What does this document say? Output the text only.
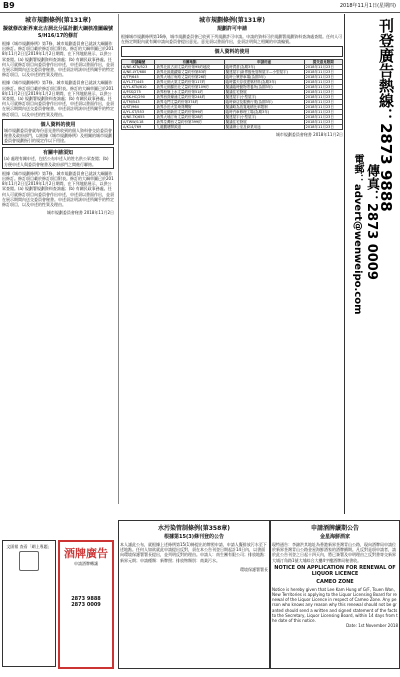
B9	2018年11月1日(星期四)
城市規劃條例(第131章)
擬就修改新界東北古洞北分區計劃大綱核准圖編號S/H16/17的修訂

根據《城市規劃條例》第7條，城市規劃委員會已就該大綱圖作出修訂。修訂項目載於修訂項目附表。修訂的大綱草圖已於2018年11月2日至2019年1月2日期間，在下列地點展示，以供公眾查閱。(a) 規劃署規劃資料查詢處；(b) 有關民政事務處。任何人可就修訂項目向委員會作出申述，申述須以書面作出，並須在展示期間內送交委員會秘書。申述須註明該申述所關乎的特定修訂項目，以及申述的性質及理由。

根據《城市規劃條例》第7條，城市規劃委員會已就該大綱圖作出修訂。修訂項目載於修訂項目附表。修訂的大綱草圖已於2018年11月2日至2019年1月2日期間，在下列地點展示，以供公眾查閱。(a) 規劃署規劃資料查詢處；(b) 有關民政事務處。任何人可就修訂項目向委員會作出申述，申述須以書面作出，並須在展示期間內送交委員會秘書。申述須註明該申述所關乎的特定修訂項目，以及申述的性質及理由。

個人資料的使用

城市規劃委員會就每份意見書所收到的個人資料會交給委員會秘書及政府部門，以根據《城市規劃條例》及相關的城市規劃委員會規劃指引的規定作以下用途。

有關申請須知

(a) 處理有關申述，包括公布申述人的姓名供公眾查閱；(b) 方便申述人與委員會秘書及政府部門之間進行聯絡。

根據《城市規劃條例》第7條，城市規劃委員會已就該大綱圖作出修訂。修訂項目載於修訂項目附表。修訂的大綱草圖已於2018年11月2日至2019年1月2日期間，在下列地點展示，以供公眾查閱。(a) 規劃署規劃資料查詢處；(b) 有關民政事務處。任何人可就修訂項目向委員會作出申述，申述須以書面作出，並須在展示期間內送交委員會秘書。申述須註明該申述所關乎的特定修訂項目，以及申述的性質及理由。

城市規劃委員會秘書 2018年11月2日

城市規劃條例(第131章)
規劃許可申請

根據城市規劃條例第16條，城市規劃委員會已收到下列規劃許可申請。申請的資料可於規劃署規劃資料查詢處查閱。任何人可在指定期限內就有關申請向委員會提出意見。意見須以書面作出，並須註明與之相關的申請編號。

個人資料的使用
申請編號	有關地點	申請用途	提交意見限期
A/NE-KTN/523	新界北區古洞丈量約份第95約地段	臨時貨倉(為期3年)	2018年11月23日
A/NE-LYT/680	新界北區龍躍頭丈量約份第83約	擬建屋宇(新界豁免管制屋宇—小型屋宇)	2018年11月23日
A/TP/645	新界大埔汀角路丈量約份第26約	臨時公眾停車場(為期3年)	2018年11月23日
A/YL-TT/445	新界元朗大棠丈量約份第117約	臨時露天存放建築材料(為期3年)	2018年11月23日
A/YL-KTN/610	新界元朗錦田北丈量約份第109約	擬議臨時動物寄養所(為期3年)	2018年11月23日
A/FSS/275	新界粉嶺上水丈量約份第51約	擬議住宅發展	2018年11月23日
A/SK-HC/290	新界西貢蠔涌丈量約份第244約	擬建屋宇(小型屋宇)	2018年11月23日
A/TM/543	新界屯門丈量約份第374約	臨時商店及服務行業(為期3年)	2018年11月23日
A/ST/964	新界沙田火炭坳背灣街	擬議略為放寬地積比率限制	2018年11月23日
A/YL-ST/553	新界元朗新田丈量約份第99約	臨時汽車修理工場(為期3年)	2018年11月23日
A/NE-TK/655	新界大埔汀角丈量約份第28約	擬建屋宇(小型屋宇)	2018年11月23日
A/TWW/118	新界荃灣西丈量約份第399約	擬議住宅發展	2018年11月23日
A/K14/769	九龍觀塘開源道	擬議辦公室及商業用途	2018年11月23日

城市規劃委員會秘書 2018年11月2日 刊登廣告熱線：2873 9888
傳真：2873 0009
電郵：advert@wenweipo.com
文匯報 查看「網上專題」
酒牌廣告
申請酒牌轉讓
2873 9888
2873 0009
水污染管制條例(第358章)
根據第15(3)條刊登的公告

本人謹此公布，就根據上述條例第15(1)條提出的牌照申請，申請人擬排放污水至下述地點。任何人如欲就此申請提出反對，須在本公告刊登日期起計14日內，以書面向環境保護署署長提出，並列明反對的理由。申請人：南生團有限公司；排放地點：新界元朗；申請種類：新牌照；排放物類別：商業污水。

環境保護署署長

申請酒牌續期公告
金星海鮮酒家

現特通告：李錦洪其地址為香港新界荃灣青山公路，現向酒牌局申請位於新界荃灣青山公路金星海鮮酒家的酒牌續期。凡反對是項申請者，請於此公告刊登之日起十四天內，將已簽署及申明理由之反對書寄交新界大埔汀角路1號大埔綜合大樓4字樓酒牌局秘書收。

NOTICE ON APPLICATION FOR RENEWAL OF LIQUOR LICENCE
CAMEO ZONE

Notice is hereby given that Lee Kam Hung of G/F, Tsuen Wan, New Territories is applying to the Liquor Licensing Board for renewal of the Liquor Licence in respect of Cameo Zone. Any person who knows any reason why this renewal should not be granted should send a written and signed statement of the facts to the Secretary, Liquor Licensing Board, within 14 days from the date of this notice.

Date: 1st November 2018
